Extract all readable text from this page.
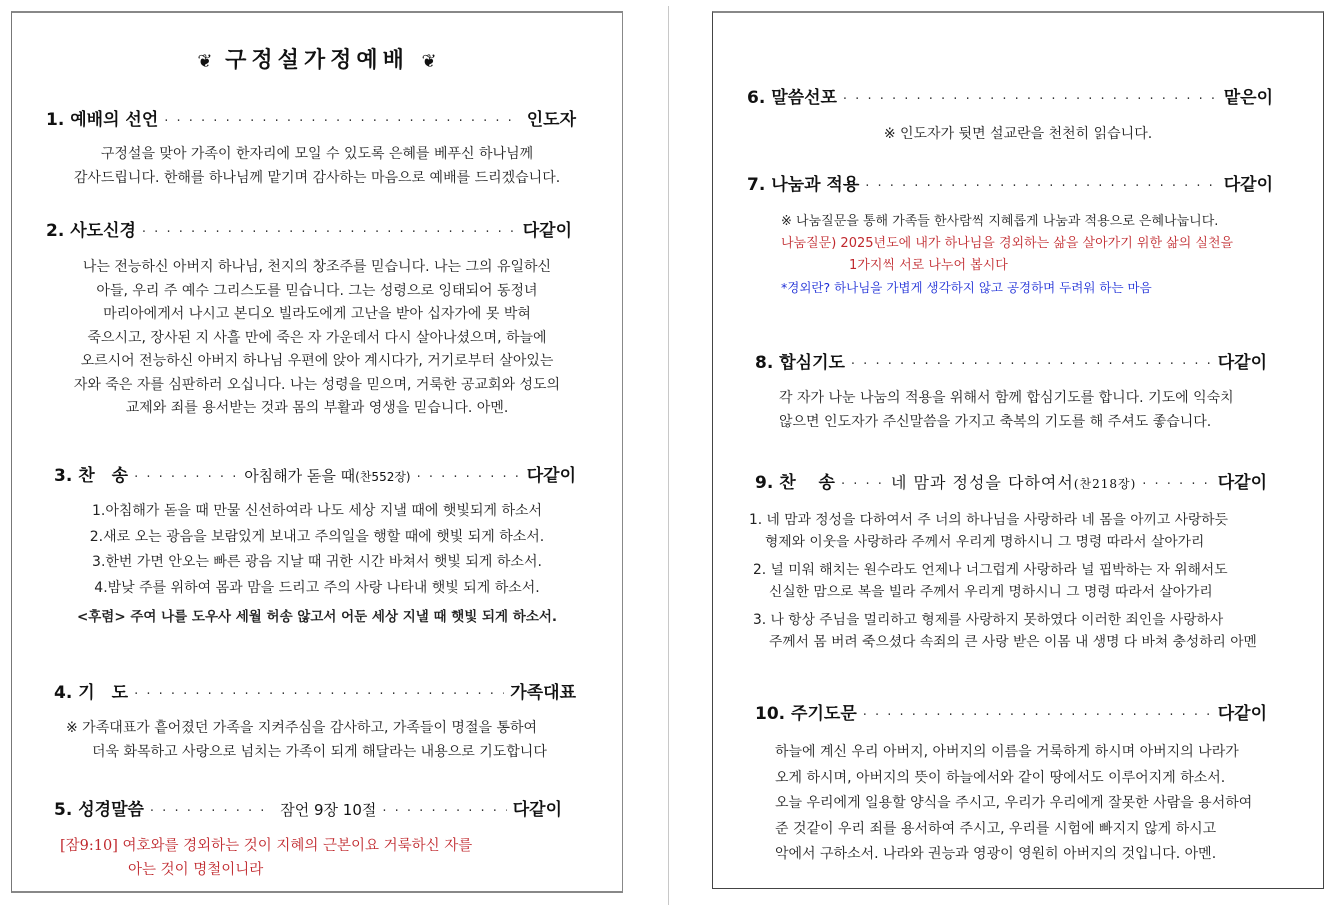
❦ 구정설가정예배 ❦
1.
예배의 선언 · · ·	인도자
구정설을 맞아 가족이 한자리에 모일 수 있도록 은혜를 베푸신 하나님께
감사드립니다. 한해를 하나님께 맡기며 감사하는 마음으로 예배를 드리겠습니다.
2.
사도신경 · · ·	다같이
나는 전능하신 아버지 하나님, 천지의 창조주를 믿습니다. 나는 그의 유일하신
아들, 우리 주 예수 그리스도를 믿습니다. 그는 성령으로 잉태되어 동정녀
마리아에게서 나시고 본디오 빌라도에게 고난을 받아 십자가에 못 박혀
죽으시고, 장사된 지 사흘 만에 죽은 자 가운데서 다시 살아나셨으며, 하늘에
오르시어 전능하신 아버지 하나님 우편에 앉아 계시다가, 거기로부터 살아있는
자와 죽은 자를 심판하러 오십니다. 나는 성령을 믿으며, 거룩한 공교회와 성도의
교제와 죄를 용서받는 것과 몸의 부활과 영생을 믿습니다. 아멘.
3.
찬　송 · · ·	아침해가 돋을 때(찬552장) · · ·	다같이
1.아침해가 돋을 때 만물 신선하여라 나도 세상 지낼 때에 햇빛되게 하소서
2.새로 오는 광음을 보람있게 보내고 주의일을 행할 때에 햇빛 되게 하소서.
3.한번 가면 안오는 빠른 광음 지날 때 귀한 시간 바쳐서 햇빛 되게 하소서.
4.밤낮 주를 위하여 몸과 맘을 드리고 주의 사랑 나타내 햇빛 되게 하소서.
<후렴> 주여 나를 도우사 세월 허송 않고서 어둔 세상 지낼 때 햇빛 되게 하소서.
4.
기　도 · · ·	가족대표
※ 가족대표가 흩어졌던 가족을 지켜주심을 감사하고, 가족들이 명절을 통하여
더욱 화목하고 사랑으로 넘치는 가족이 되게 해달라는 내용으로 기도합니다
5.
성경말씀 · · ·	잠언 9장 10절 · · ·	다같이
[잠9:10] 여호와를 경외하는 것이 지혜의 근본이요 거룩하신 자를
아는 것이 명철이니라
6.
말씀선포 · · ·	맡은이
※ 인도자가 뒷면 설교란을 천천히 읽습니다.
7.
나눔과 적용 · · ·	다같이
※ 나눔질문을 통해 가족들 한사람씩 지혜롭게 나눔과 적용으로 은혜나눕니다.
나눔질문) 2025년도에 내가 하나님을 경외하는 삶을 살아가기 위한 삶의 실천을
1가지씩 서로 나누어 봅시다
*경외란? 하나님을 가볍게 생각하지 않고 공경하며 두려워 하는 마음
8.
합심기도 · · ·	다같이
각 자가 나눈 나눔의 적용을 위해서 함께 합심기도를 합니다. 기도에 익숙치
않으면 인도자가 주신말씀을 가지고 축복의 기도를 해 주셔도 좋습니다.
9.
찬　 송 · · ·	네 맘과 정성을 다하여서(찬218장) · · ·	다같이
1. 네 맘과 정성을 다하여서 주 너의 하나님을 사랑하라 네 몸을 아끼고 사랑하듯
형제와 이웃을 사랑하라 주께서 우리게 명하시니 그 명령 따라서 살아가리
2. 널 미워 해치는 원수라도 언제나 너그럽게 사랑하라 널 핍박하는 자 위해서도
신실한 맘으로 복을 빌라 주께서 우리게 명하시니 그 명령 따라서 살아가리
3. 나 항상 주님을 멀리하고 형제를 사랑하지 못하였다 이러한 죄인을 사랑하사
주께서 몸 버려 죽으셨다 속죄의 큰 사랑 받은 이몸 내 생명 다 바쳐 충성하리 아멘
10.
주기도문 · · ·	다같이
하늘에 계신 우리 아버지, 아버지의 이름을 거룩하게 하시며 아버지의 나라가
오게 하시며, 아버지의 뜻이 하늘에서와 같이 땅에서도 이루어지게 하소서.
오늘 우리에게 일용할 양식을 주시고, 우리가 우리에게 잘못한 사람을 용서하여
준 것같이 우리 죄를 용서하여 주시고, 우리를 시험에 빠지지 않게 하시고
악에서 구하소서. 나라와 권능과 영광이 영원히 아버지의 것입니다. 아멘.
